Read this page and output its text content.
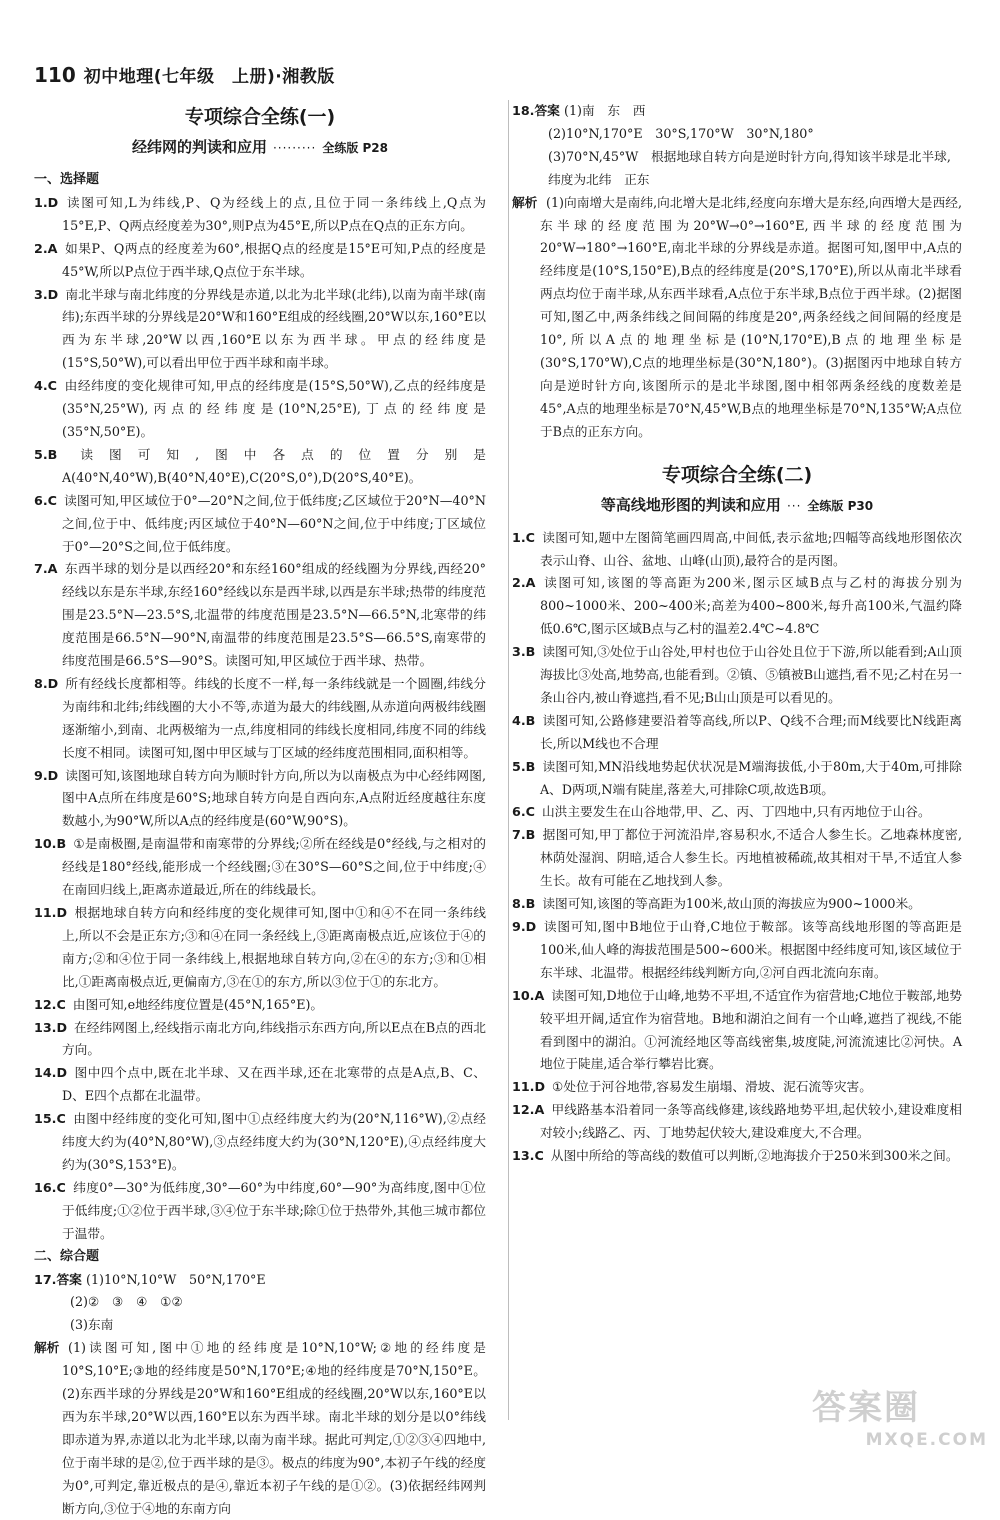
110 初中地理(七年级　上册)·湘教版
专项综合全练(一)
经纬网的判读和应用 ········· 全练版 P28
一、选择题
1.D 读图可知,L为纬线,P、Q为经线上的点,且位于同一条纬线上,Q点为15°E,P、Q两点经度差为30°,则P点为45°E,所以P点在Q点的正东方向。
2.A 如果P、Q两点的经度差为60°,根据Q点的经度是15°E可知,P点的经度是45°W,所以P点位于西半球,Q点位于东半球。
3.D 南北半球与南北纬度的分界线是赤道,以北为北半球(北纬),以南为南半球(南纬);东西半球的分界线是20°W和160°E组成的经线圈,20°W以东,160°E以西为东半球,20°W以西,160°E以东为西半球。甲点的经纬度是(15°S,50°W),可以看出甲位于西半球和南半球。
4.C 由经纬度的变化规律可知,甲点的经纬度是(15°S,50°W),乙点的经纬度是(35°N,25°W),丙点的经纬度是(10°N,25°E),丁点的经纬度是(35°N,50°E)。
5.B 读图可知,图中各点的位置分别是A(40°N,40°W),B(40°N,40°E),C(20°S,0°),D(20°S,40°E)。
6.C 读图可知,甲区域位于0°—20°N之间,位于低纬度;乙区域位于20°N—40°N之间,位于中、低纬度;丙区域位于40°N—60°N之间,位于中纬度;丁区域位于0°—20°S之间,位于低纬度。
7.A 东西半球的划分是以西经20°和东经160°组成的经线圈为分界线,西经20°经线以东是东半球,东经160°经线以东是西半球,以西是东半球;热带的纬度范围是23.5°N—23.5°S,北温带的纬度范围是23.5°N—66.5°N,北寒带的纬度范围是66.5°N—90°N,南温带的纬度范围是23.5°S—66.5°S,南寒带的纬度范围是66.5°S—90°S。读图可知,甲区域位于西半球、热带。
8.D 所有经线长度都相等。纬线的长度不一样,每一条纬线就是一个圆圈,纬线分为南纬和北纬;纬线圈的大小不等,赤道为最大的纬线圈,从赤道向两极纬线圈逐渐缩小,到南、北两极缩为一点,纬度相同的纬线长度相同,纬度不同的纬线长度不相同。读图可知,图中甲区域与丁区域的经纬度范围相同,面积相等。
9.D 读图可知,该图地球自转方向为顺时针方向,所以为以南极点为中心经纬网图,图中A点所在纬度是60°S;地球自转方向是自西向东,A点附近经度越往东度数越小,为90°W,所以A点的经纬度是(60°W,90°S)。
10.B ①是南极圈,是南温带和南寒带的分界线;②所在经线是0°经线,与之相对的经线是180°经线,能形成一个经线圈;③在30°S—60°S之间,位于中纬度;④在南回归线上,距离赤道最近,所在的纬线最长。
11.D 根据地球自转方向和经纬度的变化规律可知,图中①和④不在同一条纬线上,所以不会是正东方;③和④在同一条经线上,③距离南极点近,应该位于④的南方;②和④位于同一条纬线上,根据地球自转方向,②在④的东方;③和①相比,①距离南极点近,更偏南方,③在①的东方,所以③位于①的东北方。
12.C 由图可知,e地经纬度位置是(45°N,165°E)。
13.D 在经纬网图上,经线指示南北方向,纬线指示东西方向,所以E点在B点的西北方向。
14.D 图中四个点中,既在北半球、又在西半球,还在北寒带的点是A点,B、C、D、E四个点都在北温带。
15.C 由图中经纬度的变化可知,图中①点经纬度大约为(20°N,116°W),②点经纬度大约为(40°N,80°W),③点经纬度大约为(30°N,120°E),④点经纬度大约为(30°S,153°E)。
16.C 纬度0°—30°为低纬度,30°—60°为中纬度,60°—90°为高纬度,图中①位于低纬度;①②位于西半球,③④位于东半球;除①位于热带外,其他三城市都位于温带。
二、综合题
17.答案 (1)10°N,10°W　50°N,170°E
(2)②　③　④　①②
(3)东南
解析 (1)读图可知,图中①地的经纬度是10°N,10°W;②地的经纬度是10°S,10°E;③地的经纬度是50°N,170°E;④地的经纬度是70°N,150°E。(2)东西半球的分界线是20°W和160°E组成的经线圈,20°W以东,160°E以西为东半球,20°W以西,160°E以东为西半球。南北半球的划分是以0°纬线即赤道为界,赤道以北为北半球,以南为南半球。据此可判定,①②③④四地中,位于南半球的是②,位于西半球的是③。极点的纬度为90°,本初子午线的经度为0°,可判定,靠近极点的是④,靠近本初子午线的是①②。(3)依据经纬网判断方向,③位于④地的东南方向
18.答案 (1)南　东　西
(2)10°N,170°E　30°S,170°W　30°N,180°
(3)70°N,45°W　根据地球自转方向是逆时针方向,得知该半球是北半球,纬度为北纬　正东
解析 (1)向南增大是南纬,向北增大是北纬,经度向东增大是东经,向西增大是西经,东半球的经度范围为20°W→0°→160°E,西半球的经度范围为20°W→180°→160°E,南北半球的分界线是赤道。据图可知,图甲中,A点的经纬度是(10°S,150°E),B点的经纬度是(20°S,170°E),所以从南北半球看两点均位于南半球,从东西半球看,A点位于东半球,B点位于西半球。(2)据图可知,图乙中,两条纬线之间间隔的纬度是20°,两条经线之间间隔的经度是10°,所以A点的地理坐标是(10°N,170°E),B点的地理坐标是(30°S,170°W),C点的地理坐标是(30°N,180°)。(3)据图丙中地球自转方向是逆时针方向,该图所示的是北半球图,图中相邻两条经线的度数差是45°,A点的地理坐标是70°N,45°W,B点的地理坐标是70°N,135°W;A点位于B点的正东方向。
专项综合全练(二)
等高线地形图的判读和应用 ··· 全练版 P30
1.C 读图可知,题中左图简笔画四周高,中间低,表示盆地;四幅等高线地形图依次表示山脊、山谷、盆地、山峰(山顶),最符合的是丙图。
2.A 读图可知,该图的等高距为200米,图示区域B点与乙村的海拔分别为800~1000米、200~400米;高差为400~800米,每升高100米,气温约降低0.6℃,图示区域B点与乙村的温差2.4℃~4.8℃
3.B 读图可知,③处位于山谷处,甲村也位于山谷处且位于下游,所以能看到;A山顶海拔比③处高,地势高,也能看到。②镇、⑤镇被B山遮挡,看不见;乙村在另一条山谷内,被山脊遮挡,看不见;B山山顶是可以看见的。
4.B 读图可知,公路修建要沿着等高线,所以P、Q线不合理;而M线要比N线距离长,所以M线也不合理
5.B 读图可知,MN沿线地势起伏状况是M端海拔低,小于80m,大于40m,可排除A、D两项,N端有陡崖,落差大,可排除C项,故选B项。
6.C 山洪主要发生在山谷地带,甲、乙、丙、丁四地中,只有丙地位于山谷。
7.B 据图可知,甲丁都位于河流沿岸,容易积水,不适合人参生长。乙地森林度密,林荫处湿润、阴暗,适合人参生长。丙地植被稀疏,故其相对干旱,不适宜人参生长。故有可能在乙地找到人参。
8.B 读图可知,该图的等高距为100米,故山顶的海拔应为900~1000米。
9.D 读图可知,图中B地位于山脊,C地位于鞍部。该等高线地形图的等高距是100米,仙人峰的海拔范围是500~600米。根据图中经纬度可知,该区域位于东半球、北温带。根据经纬线判断方向,②河自西北流向东南。
10.A 读图可知,D地位于山峰,地势不平坦,不适宜作为宿营地;C地位于鞍部,地势较平坦开阔,适宜作为宿营地。B地和湖泊之间有一个山峰,遮挡了视线,不能看到图中的湖泊。①河流经地区等高线密集,坡度陡,河流流速比②河快。A地位于陡崖,适合举行攀岩比赛。
11.D ①处位于河谷地带,容易发生崩塌、滑坡、泥石流等灾害。
12.A 甲线路基本沿着同一条等高线修建,该线路地势平坦,起伏较小,建设难度相对较小;线路乙、丙、丁地势起伏较大,建设难度大,不合理。
13.C 从图中所给的等高线的数值可以判断,②地海拔介于250米到300米之间。
答案圈
MXQE.COM
